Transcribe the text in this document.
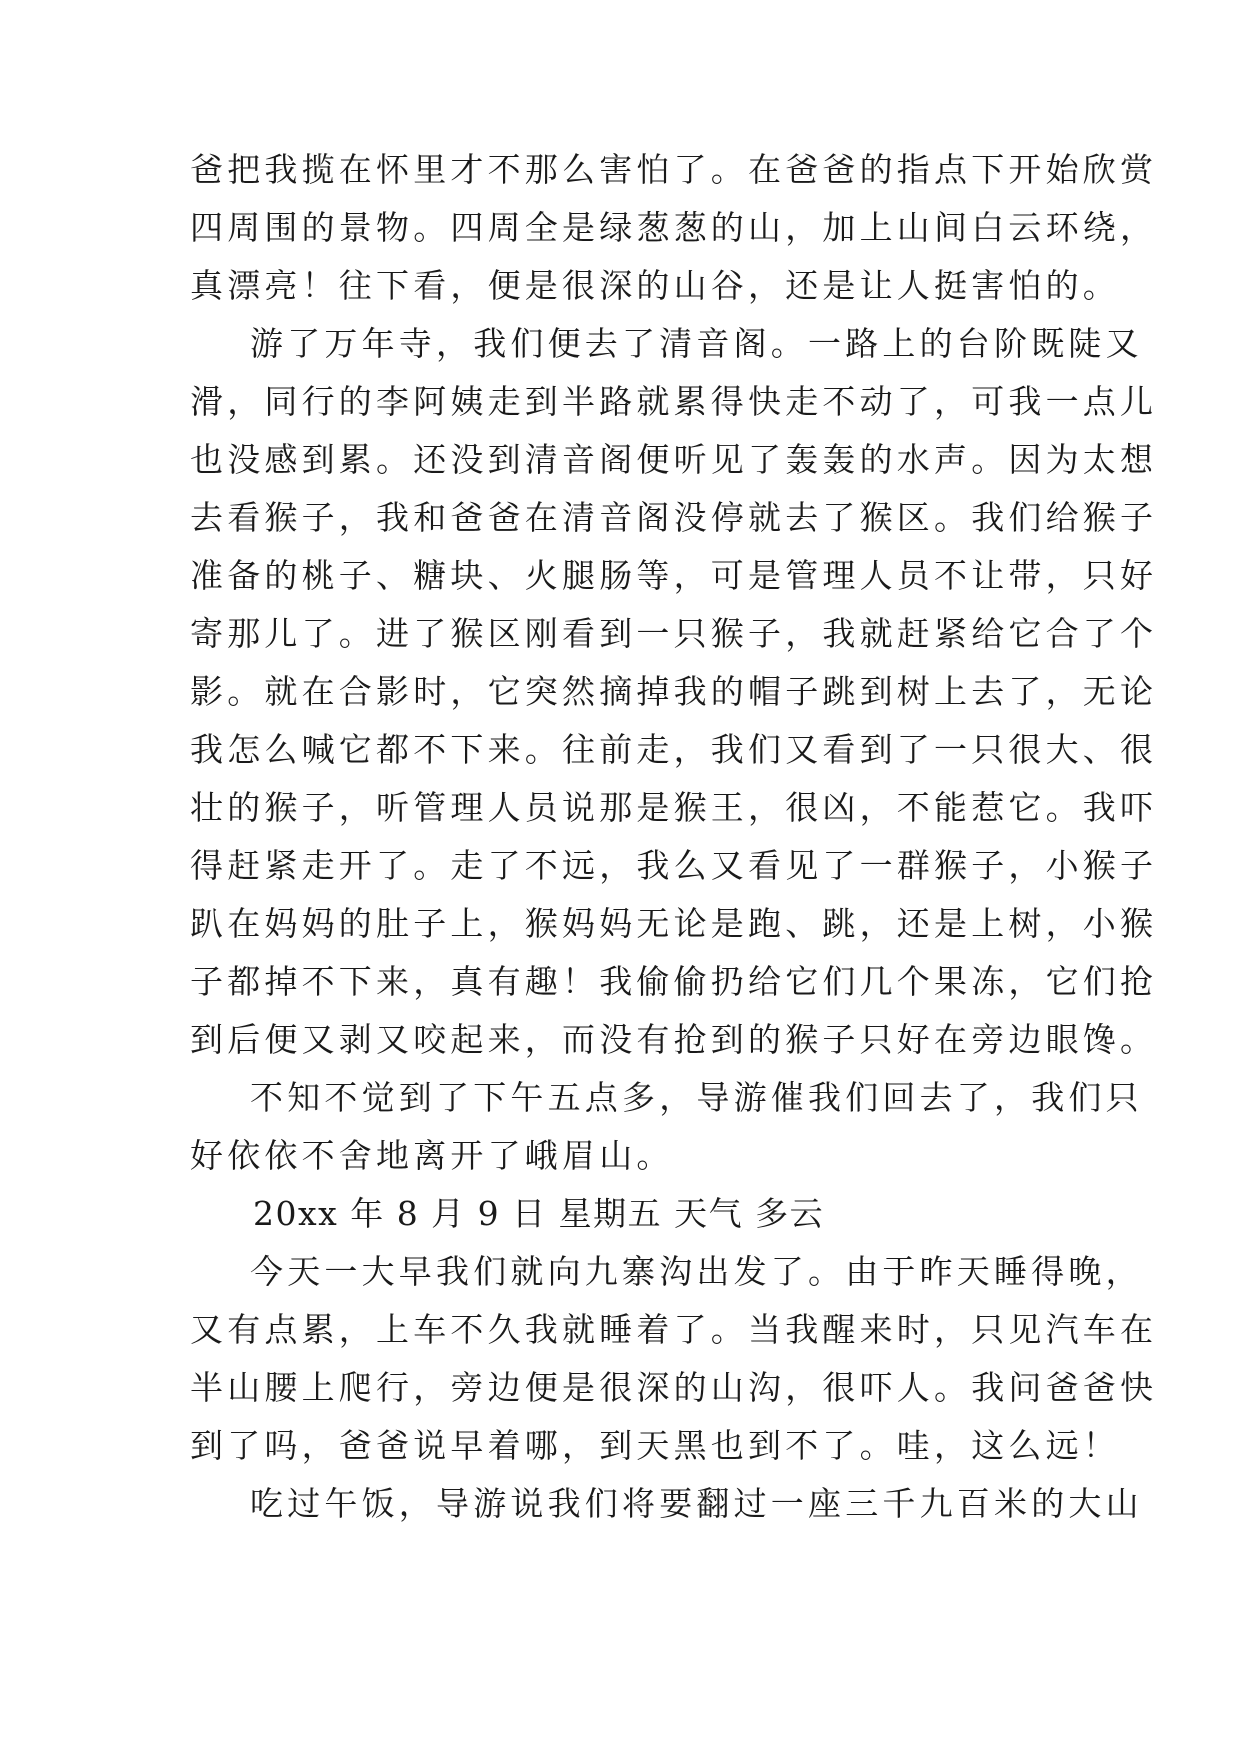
爸把我揽在怀里才不那么害怕了。在爸爸的指点下开始欣赏
四周围的景物。四周全是绿葱葱的山，加上山间白云环绕，
真漂亮！往下看，便是很深的山谷，还是让人挺害怕的。
游了万年寺，我们便去了清音阁。一路上的台阶既陡又
滑，同行的李阿姨走到半路就累得快走不动了，可我一点儿
也没感到累。还没到清音阁便听见了轰轰的水声。因为太想
去看猴子，我和爸爸在清音阁没停就去了猴区。我们给猴子
准备的桃子、糖块、火腿肠等，可是管理人员不让带，只好
寄那儿了。进了猴区刚看到一只猴子，我就赶紧给它合了个
影。就在合影时，它突然摘掉我的帽子跳到树上去了，无论
我怎么喊它都不下来。往前走，我们又看到了一只很大、很
壮的猴子，听管理人员说那是猴王，很凶，不能惹它。我吓
得赶紧走开了。走了不远，我么又看见了一群猴子，小猴子
趴在妈妈的肚子上，猴妈妈无论是跑、跳，还是上树，小猴
子都掉不下来，真有趣！我偷偷扔给它们几个果冻，它们抢
到后便又剥又咬起来，而没有抢到的猴子只好在旁边眼馋。
不知不觉到了下午五点多，导游催我们回去了，我们只
好依依不舍地离开了峨眉山。
20xx 年 8 月 9 日 星期五 天气 多云
今天一大早我们就向九寨沟出发了。由于昨天睡得晚，
又有点累，上车不久我就睡着了。当我醒来时，只见汽车在
半山腰上爬行，旁边便是很深的山沟，很吓人。我问爸爸快
到了吗，爸爸说早着哪，到天黑也到不了。哇，这么远！
吃过午饭，导游说我们将要翻过一座三千九百米的大山
